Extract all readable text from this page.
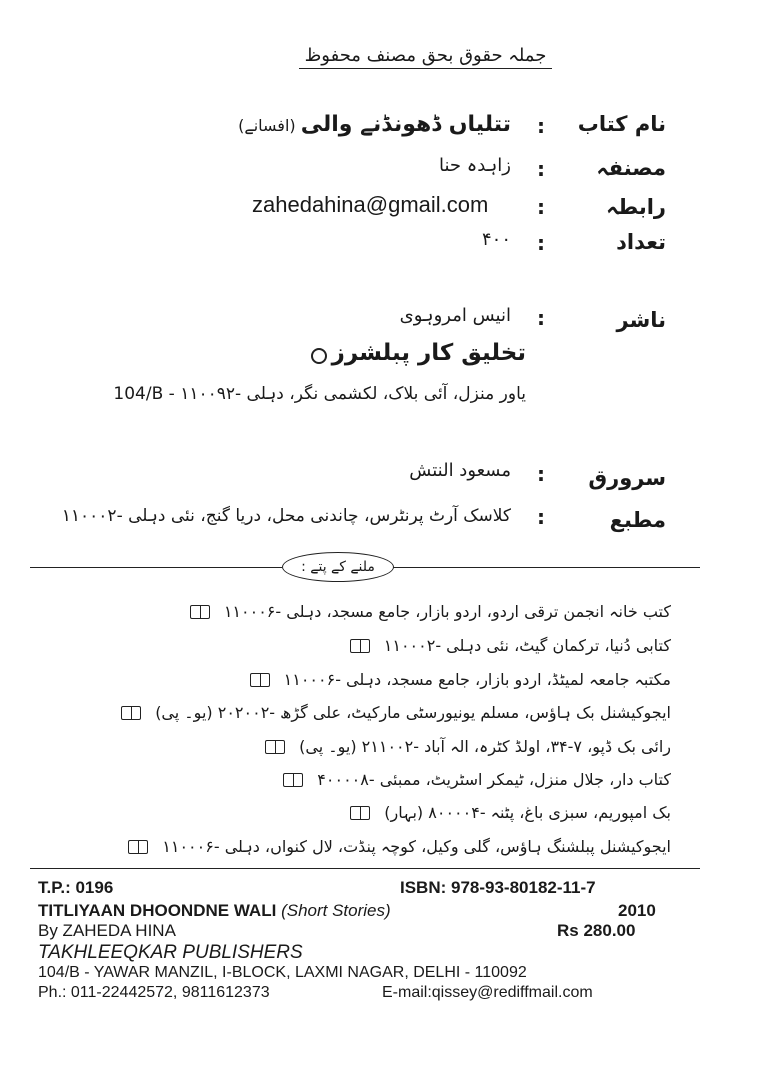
جملہ حقوق بحق مصنف محفوظ
نام کتاب
:
تتلیاں ڈھونڈنے والی (افسانے)
مصنفہ
:
زاہدہ حنا
رابطہ
:
zahedahina@gmail.com
تعداد
:
۴۰۰
ناشر
:
انیس امروہوی
تخلیق کار پبلشرز
104/B - یاور منزل، آئی بلاک، لکشمی نگر، دہلی -۱۱۰۰۹۲
سرورق
:
مسعود النتش
مطبع
:
کلاسک آرٹ پرنٹرس، چاندنی محل، دریا گنج، نئی دہلی -۱۱۰۰۰۲
ملنے کے پتے :
کتب خانہ انجمن ترقی اردو، اردو بازار، جامع مسجد، دہلی -۱۱۰۰۰۶
کتابی دُنیا، ترکمان گیٹ، نئی دہلی -۱۱۰۰۰۲
مکتبہ جامعہ لمیٹڈ، اردو بازار، جامع مسجد، دہلی -۱۱۰۰۰۶
ایجوکیشنل بک ہاؤس، مسلم یونیورسٹی مارکیٹ، علی گڑھ -۲۰۲۰۰۲ (یو۔ پی)
رائی بک ڈپو، ۷-۳۴، اولڈ کٹرہ، الہ آباد -۲۱۱۰۰۲ (یو۔ پی)
کتاب دار، جلال منزل، ٹیمکر اسٹریٹ، ممبئی -۴۰۰۰۰۸
بک امپوریم، سبزی باغ، پٹنہ -۸۰۰۰۰۴ (بہار)
ایجوکیشنل پبلشنگ ہاؤس، گلی وکیل، کوچہ پنڈت، لال کنواں، دہلی -۱۱۰۰۰۶
T.P.: 0196	ISBN: 978-93-80182-11-7
TITLIYAAN DHOONDNE WALI (Short Stories)	2010
By ZAHEDA HINA	Rs 280.00
TAKHLEEQKAR PUBLISHERS
104/B - YAWAR MANZIL, I-BLOCK, LAXMI NAGAR, DELHI - 110092
Ph.: 011-22442572, 9811612373	E-mail:qissey@rediffmail.com
